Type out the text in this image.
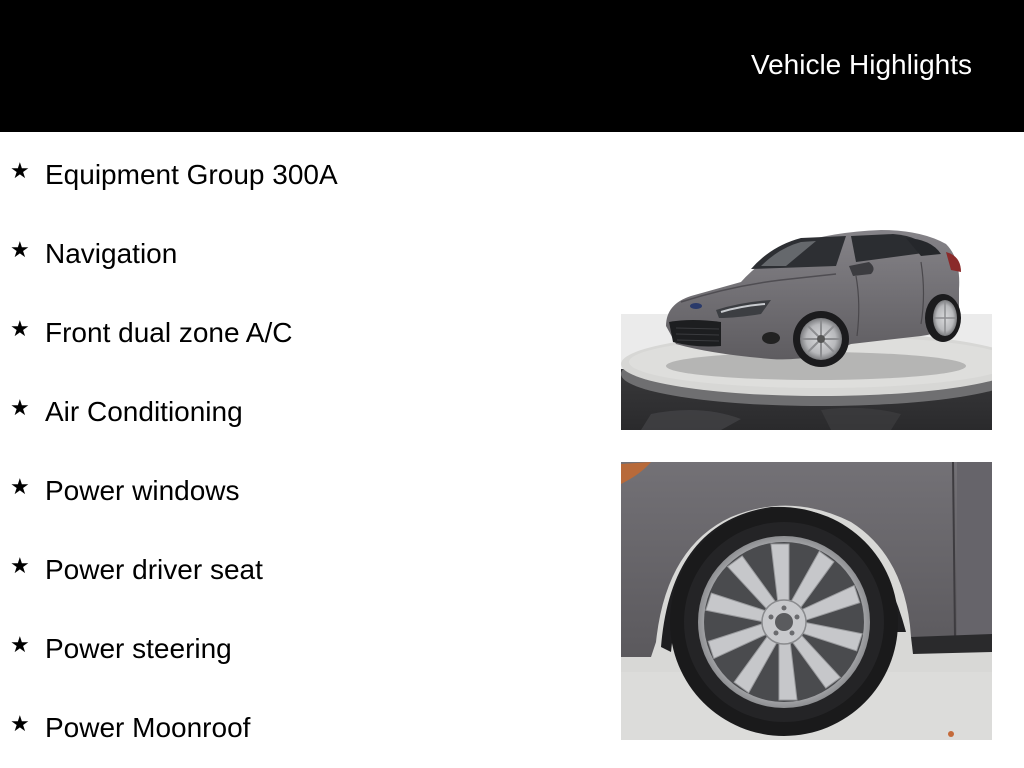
Vehicle Highlights
★ Equipment Group 300A
★ Navigation
★ Front dual zone A/C
★ Air Conditioning
★ Power windows
★ Power driver seat
★ Power steering
★ Power Moonroof
